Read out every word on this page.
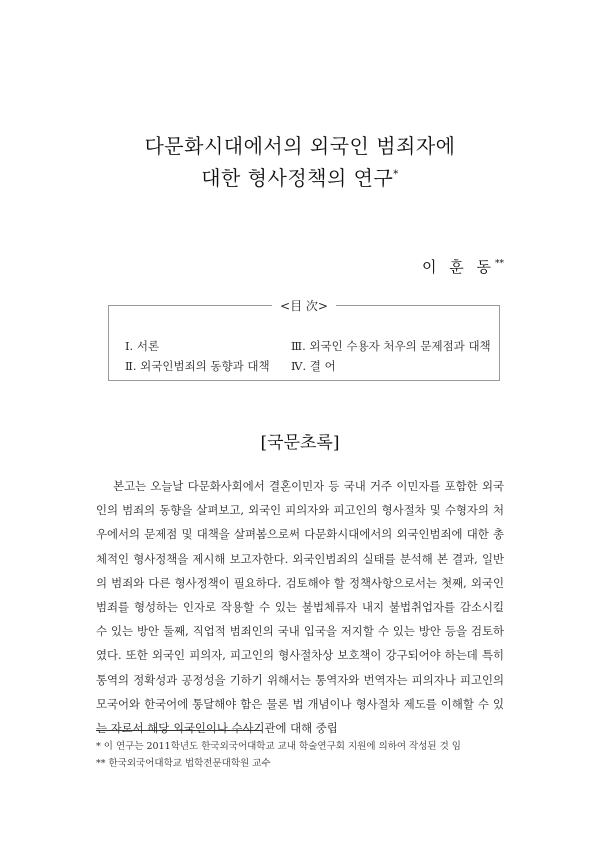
다문화시대에서의 외국인 범죄자에
대한 형사정책의 연구*
이 훈 동**
<目 次>
Ⅰ. 서론
Ⅱ. 외국인범죄의 동향과 대책
Ⅲ. 외국인 수용자 처우의 문제점과 대책
Ⅳ. 결 어
[국문초록]
본고는 오늘날 다문화사회에서 결혼이민자 등 국내 거주 이민자를 포함한 외국인의 범죄의 동향을 살펴보고, 외국인 피의자와 피고인의 형사절차 및 수형자의 처우에서의 문제점 및 대책을 살펴봄으로써 다문화시대에서의 외국인범죄에 대한 총체적인 형사정책을 제시해 보고자한다. 외국인범죄의 실태를 분석해 본 결과, 일반의 범죄와 다른 형사정책이 필요하다. 검토해야 할 정책사항으로서는 첫째, 외국인범죄를 형성하는 인자로 작용할 수 있는 불법체류자 내지 불법취업자를 감소시킬 수 있는 방안 둘째, 직업적 범죄인의 국내 입국을 저지할 수 있는 방안 등을 검토하였다. 또한 외국인 피의자, 피고인의 형사절차상 보호책이 강구되어야 하는데 특히 통역의 정확성과 공정성을 기하기 위해서는 통역자와 번역자는 피의자나 피고인의 모국어와 한국어에 통달해야 함은 물론 법 개념이나 형사절차 제도를 이해할 수 있는 자로서 해당 외국인이나 수사기관에 대해 중립
* 이 연구는 2011학년도 한국외국어대학교 교내 학술연구회 지원에 의하여 작성된 것 임
** 한국외국어대학교 법학전문대학원 교수
